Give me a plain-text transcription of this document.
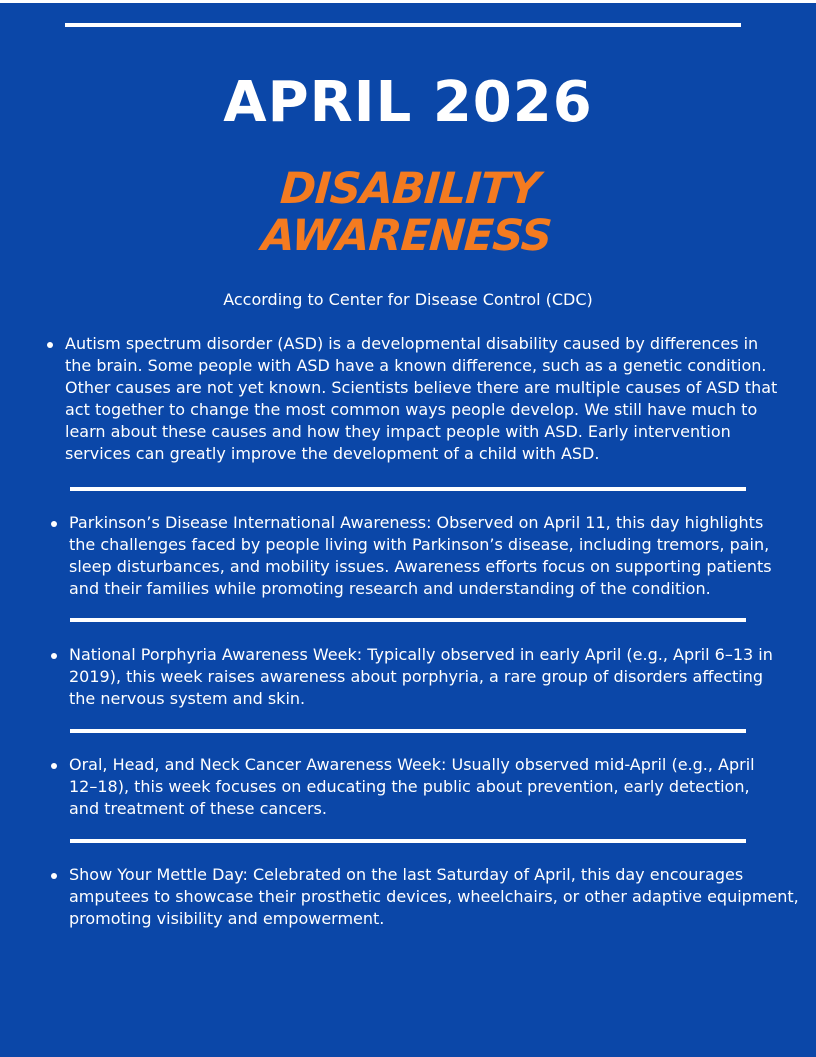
APRIL 2026
DISABILITY
AWARENESS
According to Center for Disease Control (CDC)

Autism spectrum disorder (ASD) is a developmental disability caused by differences in the brain. Some people with ASD have a known difference, such as a genetic condition. Other causes are not yet known. Scientists believe there are multiple causes of ASD that act together to change the most common ways people develop. We still have much to learn about these causes and how they impact people with ASD. Early intervention services can greatly improve the development of a child with ASD.

Parkinson’s Disease International Awareness: Observed on April 11, this day highlights the challenges faced by people living with Parkinson’s disease, including tremors, pain, sleep disturbances, and mobility issues. Awareness efforts focus on supporting patients and their families while promoting research and understanding of the condition.

National Porphyria Awareness Week: Typically observed in early April (e.g., April 6–13 in 2019), this week raises awareness about porphyria, a rare group of disorders affecting the nervous system and skin.

Oral, Head, and Neck Cancer Awareness Week: Usually observed mid-April (e.g., April 12–18), this week focuses on educating the public about prevention, early detection, and treatment of these cancers.

Show Your Mettle Day: Celebrated on the last Saturday of April, this day encourages amputees to showcase their prosthetic devices, wheelchairs, or other adaptive equipment, promoting visibility and empowerment.
